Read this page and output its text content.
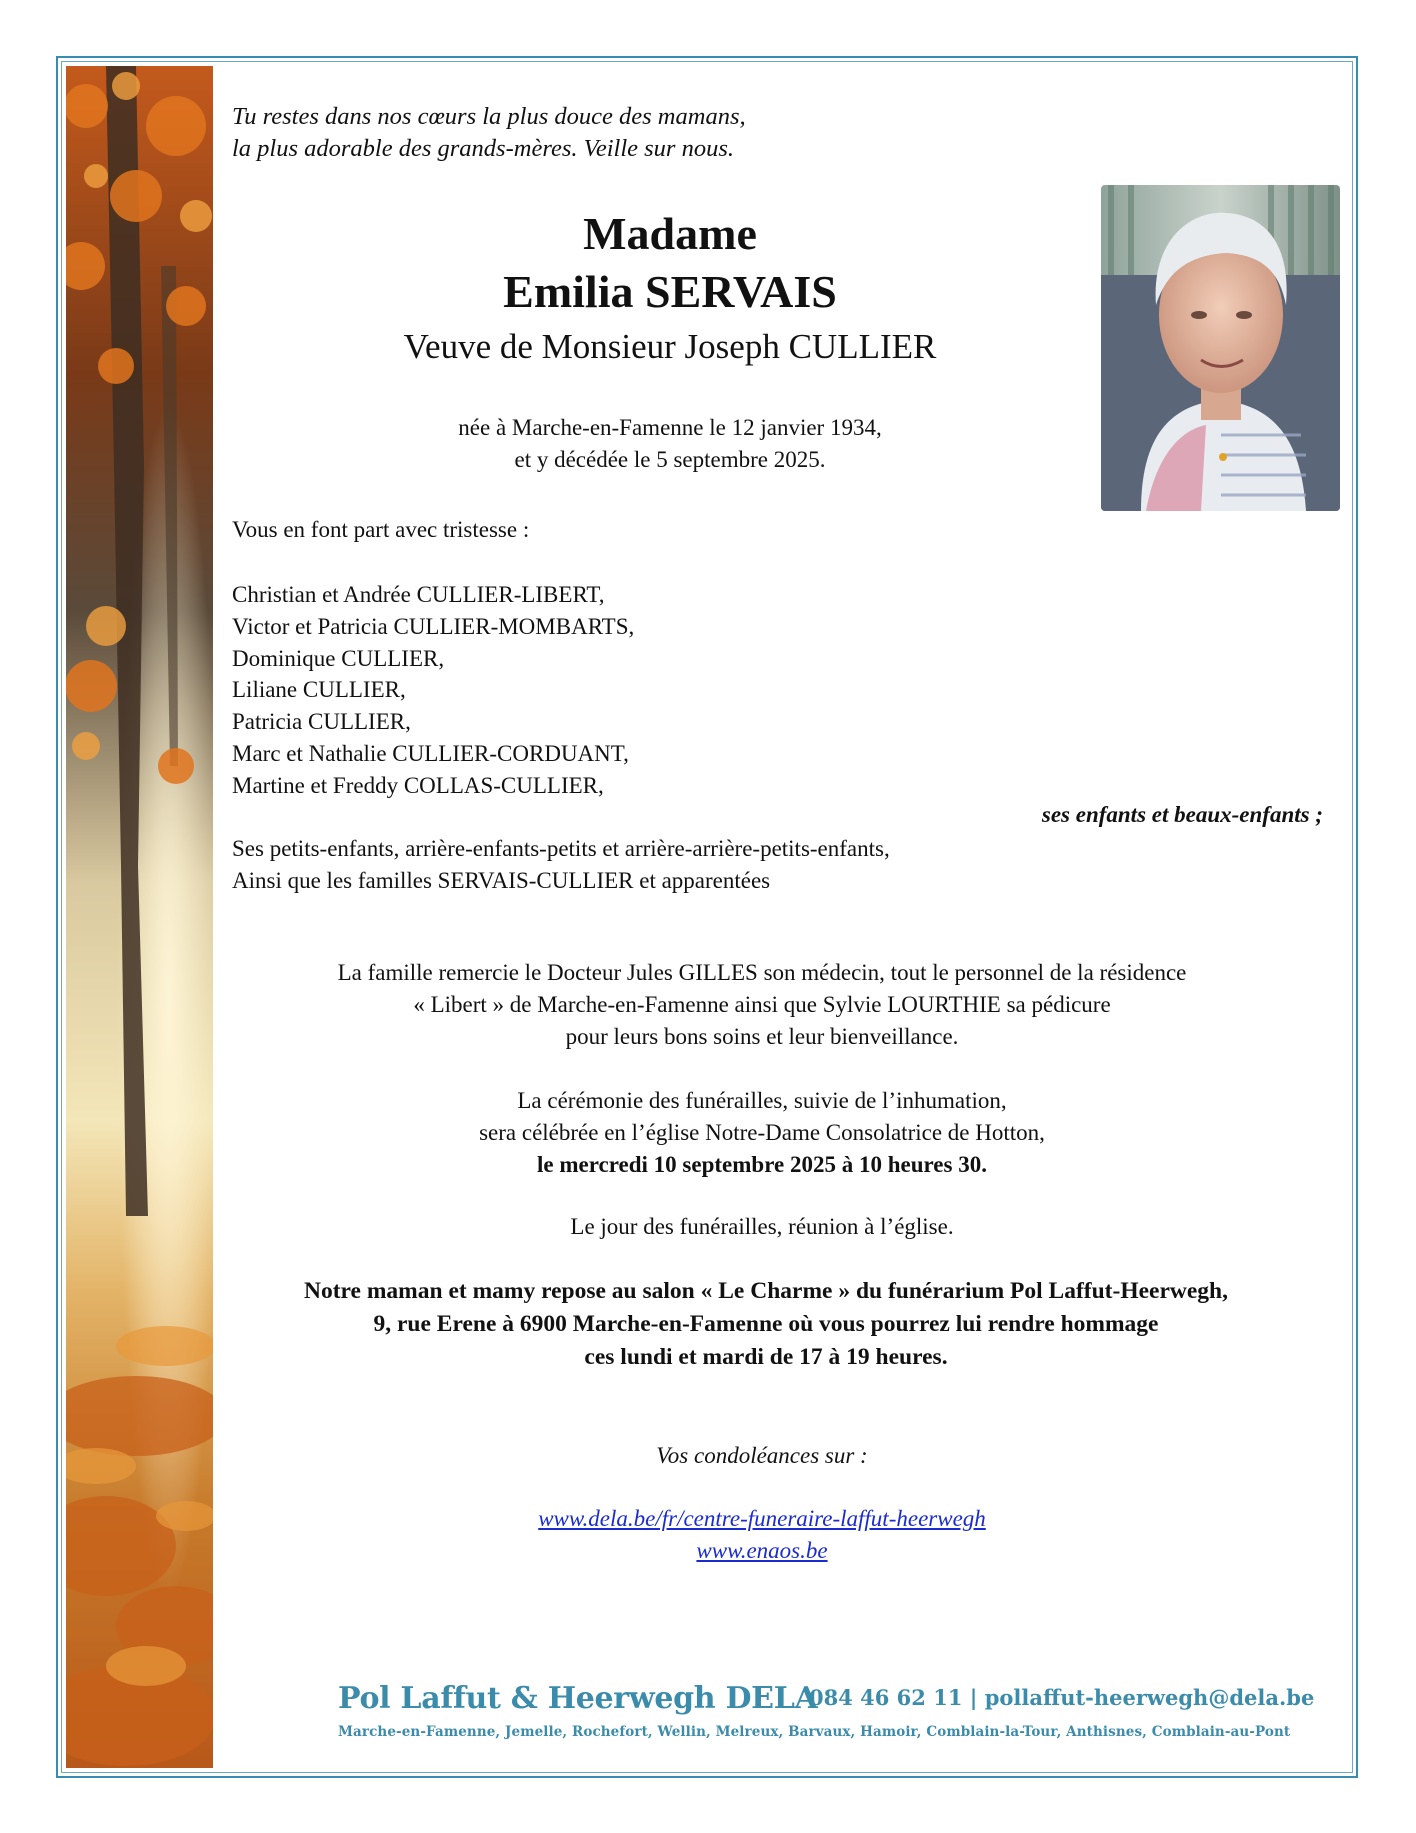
Tu restes dans nos cœurs la plus douce des mamans,
la plus adorable des grands-mères. Veille sur nous.
Madame
Emilia SERVAIS
Veuve de Monsieur Joseph CULLIER
née à Marche-en-Famenne le 12 janvier 1934,
et y décédée le 5 septembre 2025.
Vous en font part avec tristesse :
Christian et Andrée CULLIER-LIBERT,
Victor et Patricia CULLIER-MOMBARTS,
Dominique CULLIER,
Liliane CULLIER,
Patricia CULLIER,
Marc et Nathalie CULLIER-CORDUANT,
Martine et Freddy COLLAS-CULLIER,
ses enfants et beaux-enfants ;
Ses petits-enfants, arrière-enfants-petits et arrière-arrière-petits-enfants,
Ainsi que les familles SERVAIS-CULLIER et apparentées
La famille remercie le Docteur Jules GILLES son médecin, tout le personnel de la résidence
« Libert » de Marche-en-Famenne ainsi que Sylvie LOURTHIE sa pédicure
pour leurs bons soins et leur bienveillance.
La cérémonie des funérailles, suivie de l’inhumation,
sera célébrée en l’église Notre-Dame Consolatrice de Hotton,
le mercredi 10 septembre 2025 à 10 heures 30.
Le jour des funérailles, réunion à l’église.
Notre maman et mamy repose au salon « Le Charme » du funérarium Pol Laffut-Heerwegh,
9, rue Erene à 6900 Marche-en-Famenne où vous pourrez lui rendre hommage
ces lundi et mardi de 17 à 19 heures.
Vos condoléances sur :
www.dela.be/fr/centre-funeraire-laffut-heerwegh
www.enaos.be
Pol Laffut & Heerwegh DELA
084 46 62 11 | pollaffut-heerwegh@dela.be
Marche-en-Famenne, Jemelle, Rochefort, Wellin, Melreux, Barvaux, Hamoir, Comblain-la-Tour, Anthisnes, Comblain-au-Pont
